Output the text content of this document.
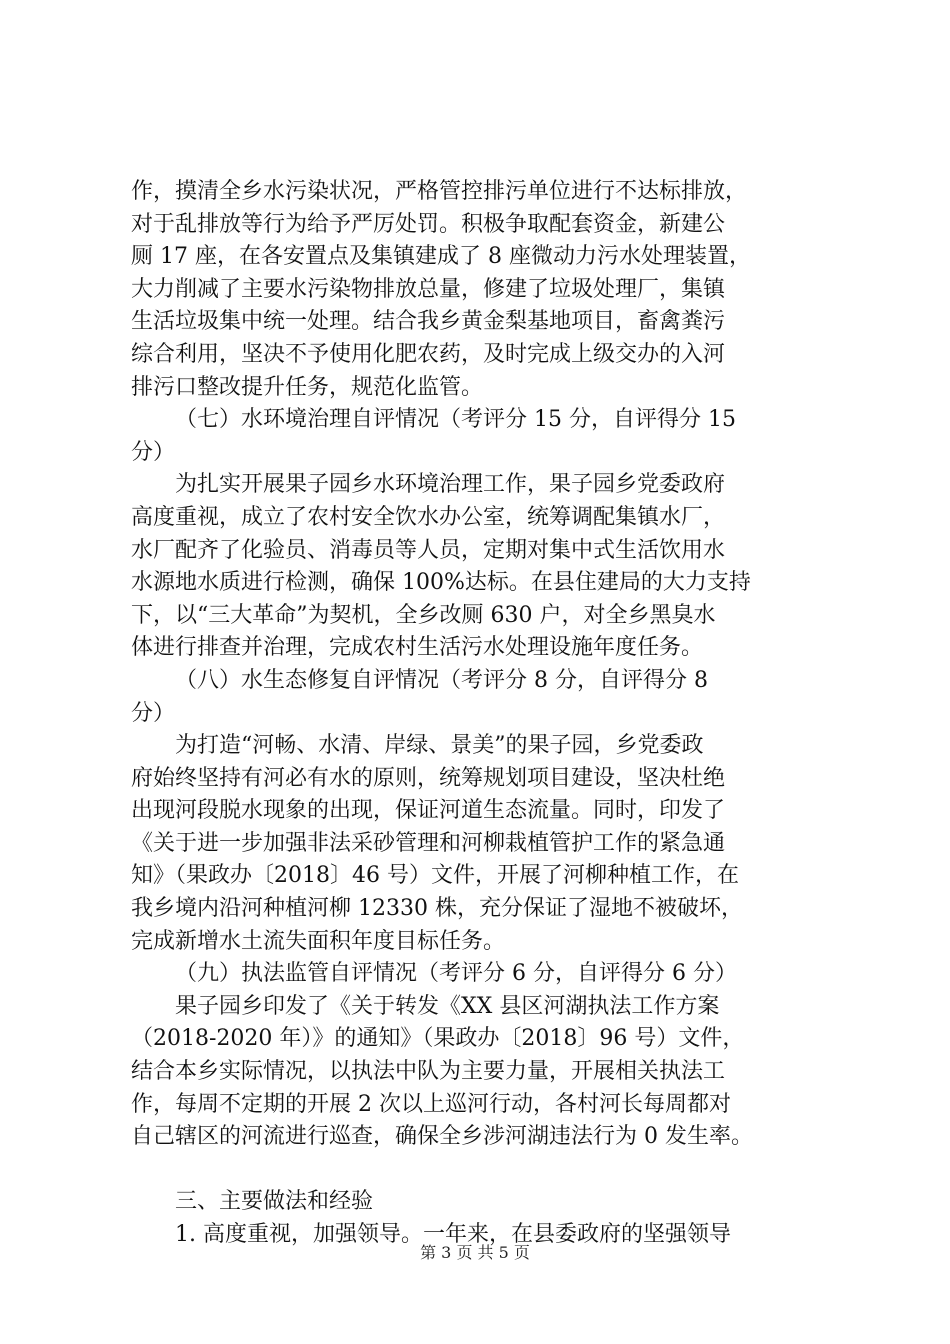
作，摸清全乡水污染状况，严格管控排污单位进行不达标排放，
对于乱排放等行为给予严厉处罚。积极争取配套资金，新建公
厕 17 座，在各安置点及集镇建成了 8 座微动力污水处理装置，
大力削减了主要水污染物排放总量，修建了垃圾处理厂，集镇
生活垃圾集中统一处理。结合我乡黄金梨基地项目，畜禽粪污
综合利用，坚决不予使用化肥农药，及时完成上级交办的入河
排污口整改提升任务，规范化监管。
（七）水环境治理自评情况（考评分 15 分，自评得分 15
分）
为扎实开展果子园乡水环境治理工作，果子园乡党委政府
高度重视，成立了农村安全饮水办公室，统筹调配集镇水厂，
水厂配齐了化验员、消毒员等人员，定期对集中式生活饮用水
水源地水质进行检测，确保 100%达标。在县住建局的大力支持
下，以“三大革命”为契机，全乡改厕 630 户，对全乡黑臭水
体进行排查并治理，完成农村生活污水处理设施年度任务。
（八）水生态修复自评情况（考评分 8 分，自评得分 8
分）
为打造“河畅、水清、岸绿、景美”的果子园，乡党委政
府始终坚持有河必有水的原则，统筹规划项目建设，坚决杜绝
出现河段脱水现象的出现，保证河道生态流量。同时，印发了
《关于进一步加强非法采砂管理和河柳栽植管护工作的紧急通
知》（果政办〔2018〕46 号）文件，开展了河柳种植工作，在
我乡境内沿河种植河柳 12330 株，充分保证了湿地不被破坏，
完成新增水土流失面积年度目标任务。
（九）执法监管自评情况（考评分 6 分，自评得分 6 分）
果子园乡印发了《关于转发《XX 县区河湖执法工作方案
（2018-2020 年）》的通知》（果政办〔2018〕96 号）文件，
结合本乡实际情况，以执法中队为主要力量，开展相关执法工
作，每周不定期的开展 2 次以上巡河行动，各村河长每周都对
自己辖区的河流进行巡查，确保全乡涉河湖违法行为 0 发生率。
三、主要做法和经验
1. 高度重视，加强领导。一年来，在县委政府的坚强领导
第 3 页 共 5 页
